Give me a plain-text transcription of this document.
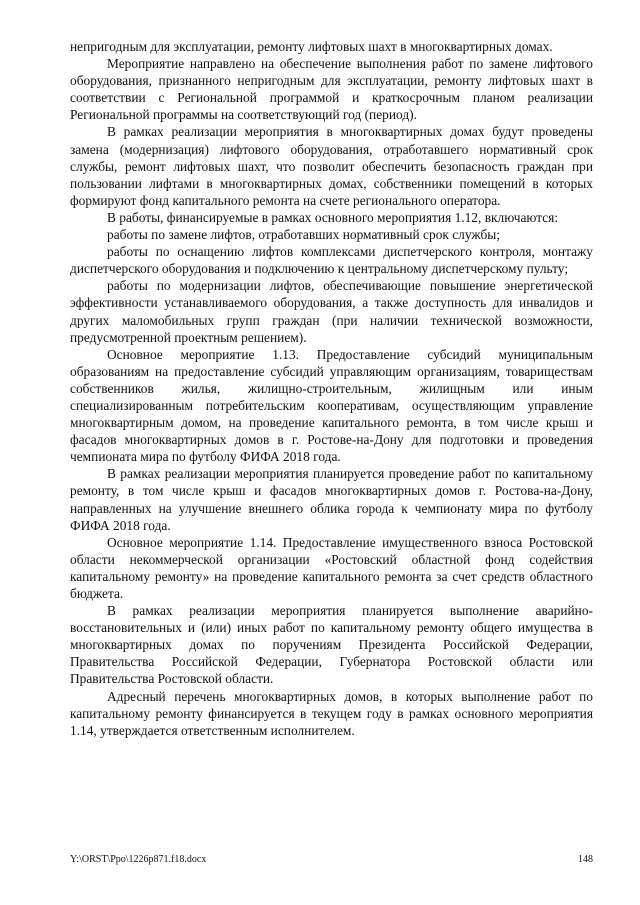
непригодным для эксплуатации, ремонту лифтовых шахт в многоквартирных домах.

Мероприятие направлено на обеспечение выполнения работ по замене лифтового оборудования, признанного непригодным для эксплуатации, ремонту лифтовых шахт в соответствии с Региональной программой и краткосрочным планом реализации Региональной программы на соответствующий год (период).

В рамках реализации мероприятия в многоквартирных домах будут проведены замена (модернизация) лифтового оборудования, отработавшего нормативный срок службы, ремонт лифтовых шахт, что позволит обеспечить безопасность граждан при пользовании лифтами в многоквартирных домах, собственники помещений в которых формируют фонд капитального ремонта на счете регионального оператора.

В работы, финансируемые в рамках основного мероприятия 1.12, включаются:

работы по замене лифтов, отработавших нормативный срок службы;

работы по оснащению лифтов комплексами диспетчерского контроля, монтажу диспетчерского оборудования и подключению к центральному диспетчерскому пульту;

работы по модернизации лифтов, обеспечивающие повышение энергетической эффективности устанавливаемого оборудования, а также доступность для инвалидов и других маломобильных групп граждан (при наличии технической возможности, предусмотренной проектным решением).

Основное мероприятие 1.13. Предоставление субсидий муниципальным образованиям на предоставление субсидий управляющим организациям, товариществам собственников жилья, жилищно-строительным, жилищным или иным специализированным потребительским кооперативам, осуществляющим управление многоквартирным домом, на проведение капитального ремонта, в том числе крыш и фасадов многоквартирных домов в г. Ростове-на-Дону для подготовки и проведения чемпионата мира по футболу ФИФА 2018 года.

В рамках реализации мероприятия планируется проведение работ по капитальному ремонту, в том числе крыш и фасадов многоквартирных домов г. Ростова-на-Дону, направленных на улучшение внешнего облика города к чемпионату мира по футболу ФИФА 2018 года.

Основное мероприятие 1.14. Предоставление имущественного взноса Ростовской области некоммерческой организации «Ростовский областной фонд содействия капитальному ремонту» на проведение капитального ремонта за счет средств областного бюджета.

В рамках реализации мероприятия планируется выполнение аварийно-восстановительных и (или) иных работ по капитальному ремонту общего имущества в многоквартирных домах по поручениям Президента Российской Федерации, Правительства Российской Федерации, Губернатора Ростовской области или Правительства Ростовской области.

Адресный перечень многоквартирных домов, в которых выполнение работ по капитальному ремонту финансируется в текущем году в рамках основного мероприятия 1.14, утверждается ответственным исполнителем.

Y:\ORST\Ppo\1226p871.f18.docx	148
